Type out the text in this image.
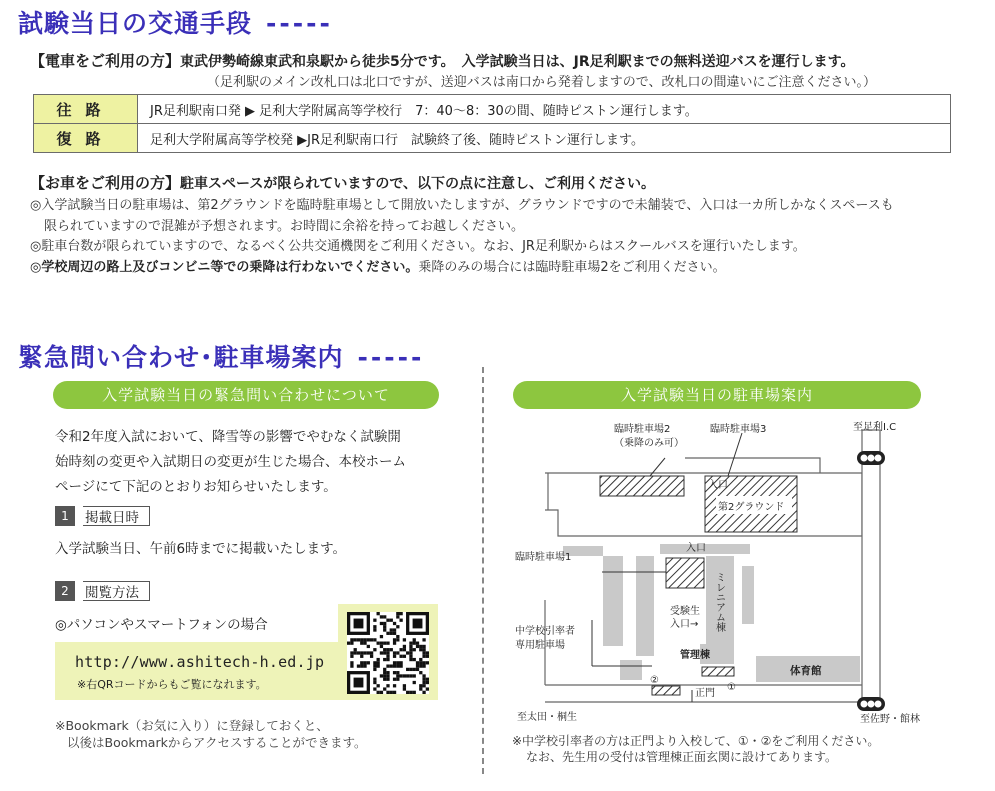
試験当日の交通手段 -----
【電車をご利用の方】東武伊勢崎線東武和泉駅から徒歩5分です。　入学試験当日は、JR足利駅までの無料送迎バスを運行します。
（足利駅のメイン改札口は北口ですが、送迎バスは南口から発着しますので、改札口の間違いにご注意ください。）
往路	JR足利駅南口発 ▶ 足利大学附属高等学校行　7：40～8：30の間、随時ピストン運行します。
復路	足利大学附属高等学校発 ▶JR足利駅南口行　試験終了後、随時ピストン運行します。
【お車をご利用の方】駐車スペースが限られていますので、以下の点に注意し、ご利用ください。
◎入学試験当日の駐車場は、第2グラウンドを臨時駐車場として開放いたしますが、グラウンドですので未舗装で、入口は一カ所しかなくスペースも
限られていますので混雑が予想されます。お時間に余裕を持ってお越しください。
◎駐車台数が限られていますので、なるべく公共交通機関をご利用ください。なお、JR足利駅からはスクールバスを運行いたします。
◎学校周辺の路上及びコンビニ等での乗降は行わないでください。乗降のみの場合には臨時駐車場2をご利用ください。
緊急問い合わせ･駐車場案内 -----
入学試験当日の緊急問い合わせについて
令和2年度入試において、降雪等の影響でやむなく試験開
始時刻の変更や入試期日の変更が生じた場合、本校ホーム
ページにて下記のとおりお知らせいたします。
1	掲載日時
入学試験当日、午前6時までに掲載いたします。
2	閲覧方法
◎パソコンやスマートフォンの場合
http://www.ashitech-h.ed.jp
※右QRコードからもご覧になれます。
※Bookmark（お気に入り）に登録しておくと、
以後はBookmarkからアクセスすることができます。
入学試験当日の駐車場案内
臨時駐車場2
（乗降のみ可）
臨時駐車場3	至足利I.C
入口
第2グラウンド
臨時駐車場1
入口
ミレニアム棟
受験生
入口→
中学校引率者
専用駐車場
管理棟
体育館
②
正門
①
至太田・桐生	至佐野・館林
※中学校引率者の方は正門より入校して、①・②をご利用ください。
なお、先生用の受付は管理棟正面玄関に設けてあります。
